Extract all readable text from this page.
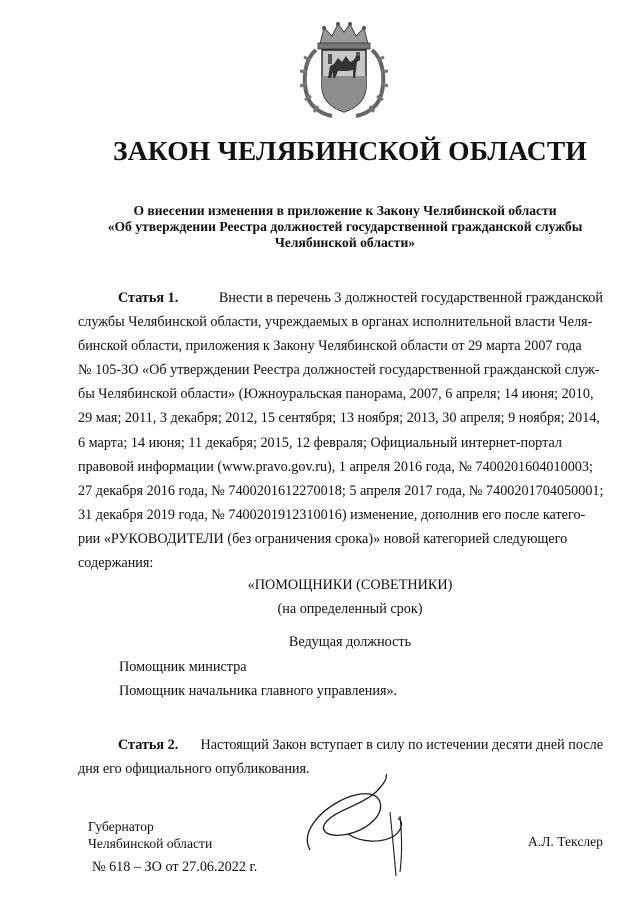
ЗАКОН ЧЕЛЯБИНСКОЙ ОБЛАСТИ
О внесении изменения в приложение к Закону Челябинской области
«Об утверждении Реестра должностей государственной гражданской службы
Челябинской области»
Статья 1.	Внести в перечень 3 должностей государственной гражданской
службы Челябинской области, учреждаемых в органах исполнительной власти Челя-
бинской области, приложения к Закону Челябинской области от 29 марта 2007 года
№ 105-ЗО «Об утверждении Реестра должностей государственной гражданской служ-
бы Челябинской области» (Южноуральская панорама, 2007, 6 апреля; 14 июня; 2010,
29 мая; 2011, 3 декабря; 2012, 15 сентября; 13 ноября; 2013, 30 апреля; 9 ноября; 2014,
6 марта; 14 июня; 11 декабря; 2015, 12 февраля; Официальный интернет-портал
правовой информации (www.pravo.gov.ru), 1 апреля 2016 года, № 7400201604010003;
27 декабря 2016 года, № 7400201612270018; 5 апреля 2017 года, № 7400201704050001;
31 декабря 2019 года, № 7400201912310016) изменение, дополнив его после катего-
рии «РУКОВОДИТЕЛИ (без ограничения срока)» новой категорией следующего
содержания:
«ПОМОЩНИКИ (СОВЕТНИКИ)
(на определенный срок)
Ведущая должность
Помощник министра
Помощник начальника главного управления».
Статья 2. Настоящий Закон вступает в силу по истечении десяти дней после
дня его официального опубликования.
Губернатор
Челябинской области	А.Л. Текслер
№ 618 – ЗО от 27.06.2022 г.
